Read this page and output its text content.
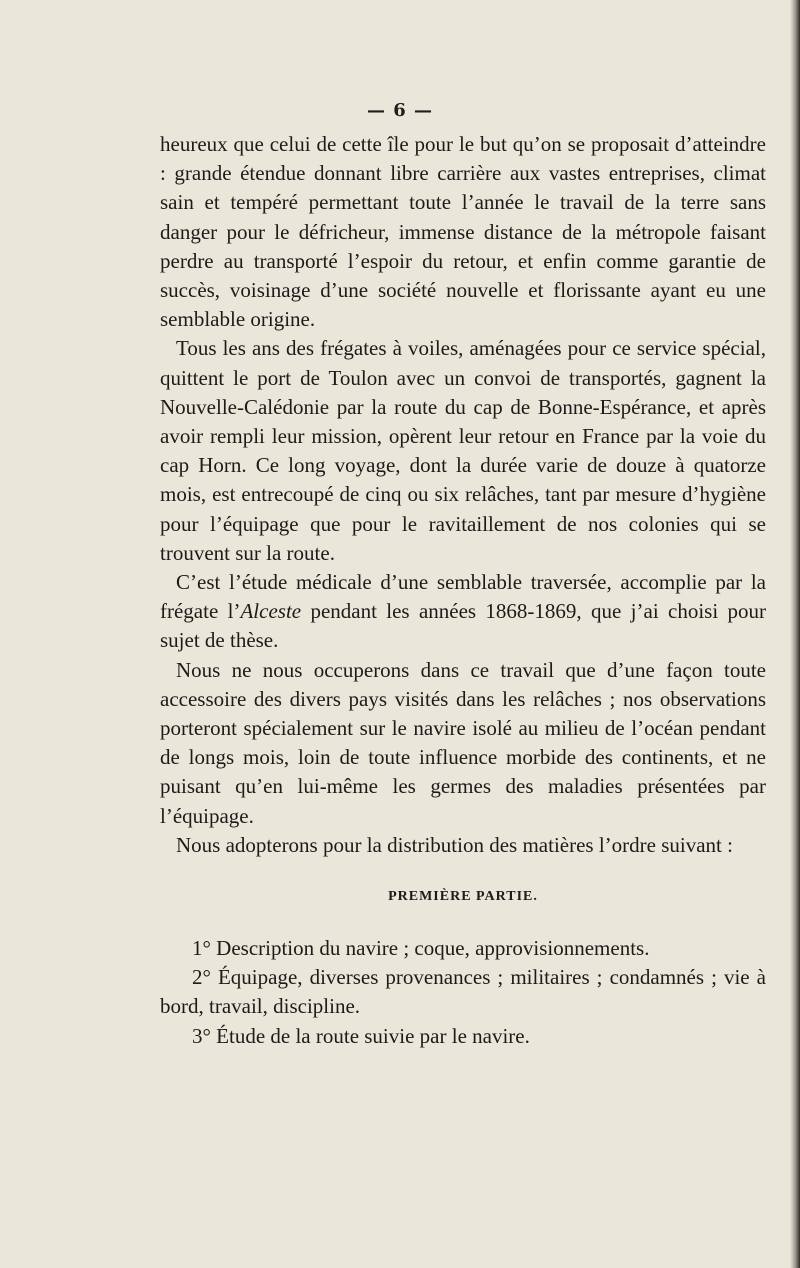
— 6 —

heureux que celui de cette île pour le but qu’on se proposait d’atteindre : grande étendue donnant libre carrière aux vastes entreprises, climat sain et tempéré permettant toute l’année le travail de la terre sans danger pour le défricheur, immense distance de la métropole faisant perdre au transporté l’espoir du retour, et enfin comme garantie de succès, voisinage d’une société nouvelle et florissante ayant eu une semblable origine.

Tous les ans des frégates à voiles, aménagées pour ce service spécial, quittent le port de Toulon avec un convoi de transportés, gagnent la Nouvelle-Calédonie par la route du cap de Bonne-Espérance, et après avoir rempli leur mission, opèrent leur retour en France par la voie du cap Horn. Ce long voyage, dont la durée varie de douze à quatorze mois, est entrecoupé de cinq ou six relâches, tant par mesure d’hygiène pour l’équipage que pour le ravitaillement de nos colonies qui se trouvent sur la route.

C’est l’étude médicale d’une semblable traversée, accomplie par la frégate l’Alceste pendant les années 1868-1869, que j’ai choisi pour sujet de thèse.

Nous ne nous occuperons dans ce travail que d’une façon toute accessoire des divers pays visités dans les relâches ; nos observations porteront spécialement sur le navire isolé au milieu de l’océan pendant de longs mois, loin de toute influence morbide des continents, et ne puisant qu’en lui-même les germes des maladies présentées par l’équipage.

Nous adopterons pour la distribution des matières l’ordre suivant :

PREMIÈRE PARTIE.

1° Description du navire ; coque, approvisionnements.

2° Équipage, diverses provenances ; militaires ; condamnés ; vie à bord, travail, discipline.

3° Étude de la route suivie par le navire.
